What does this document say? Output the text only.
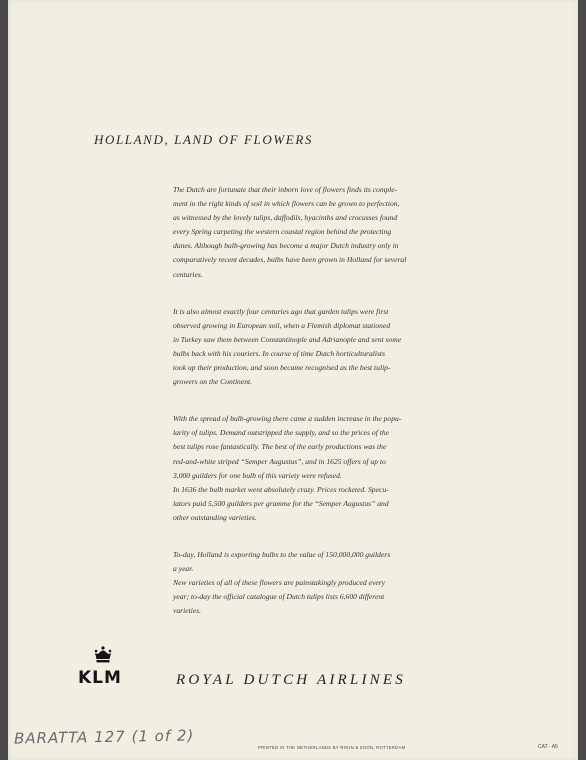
HOLLAND, LAND OF FLOWERS

The Dutch are fortunate that their inborn love of flowers finds its comple-
ment in the right kinds of soil in which flowers can be grown to perfection,
as witnessed by the lovely tulips, daffodils, hyacinths and crocusses found
every Spring carpeting the western coastal region behind the protecting
dunes. Although bulb-growing has become a major Dutch industry only in
comparatively recent decades, bulbs have been grown in Holland for several
centuries.

It is also almost exactly four centuries ago that garden tulips were first
observed growing in European soil, when a Flemish diplomat stationed
in Turkey saw them between Constantinople and Adrianople and sent some
bulbs back with his couriers. In course of time Dutch horticulturalists
took up their production, and soon became recognised as the best tulip-
growers on the Continent.

With the spread of bulb-growing there came a sudden increase in the popu-
larity of tulips. Demand outstripped the supply, and so the prices of the
best tulips rose fantastically. The best of the early productions was the
red-and-white striped “Semper Augustus”, and in 1625 offers of up to
3,000 guilders for one bulb of this variety were refused.
In 1636 the bulb market went absolutely crazy. Prices rocketed. Specu-
lators paid 5,500 guilders per gramme for the “Semper Augustus” and
other outstanding varieties.

To-day, Holland is exporting bulbs to the value of 150,000,000 guilders
a year.
New varieties of all of these flowers are painstakingly produced every
year; to-day the official catalogue of Dutch tulips lists 6,600 different
varieties.

KLM	ROYAL DUTCH AIRLINES
BARATTA 127 (1 of 2)	PRINTED IN THE NETHERLANDS BY ROHN & ZOON, ROTTERDAM	CAT - A5
